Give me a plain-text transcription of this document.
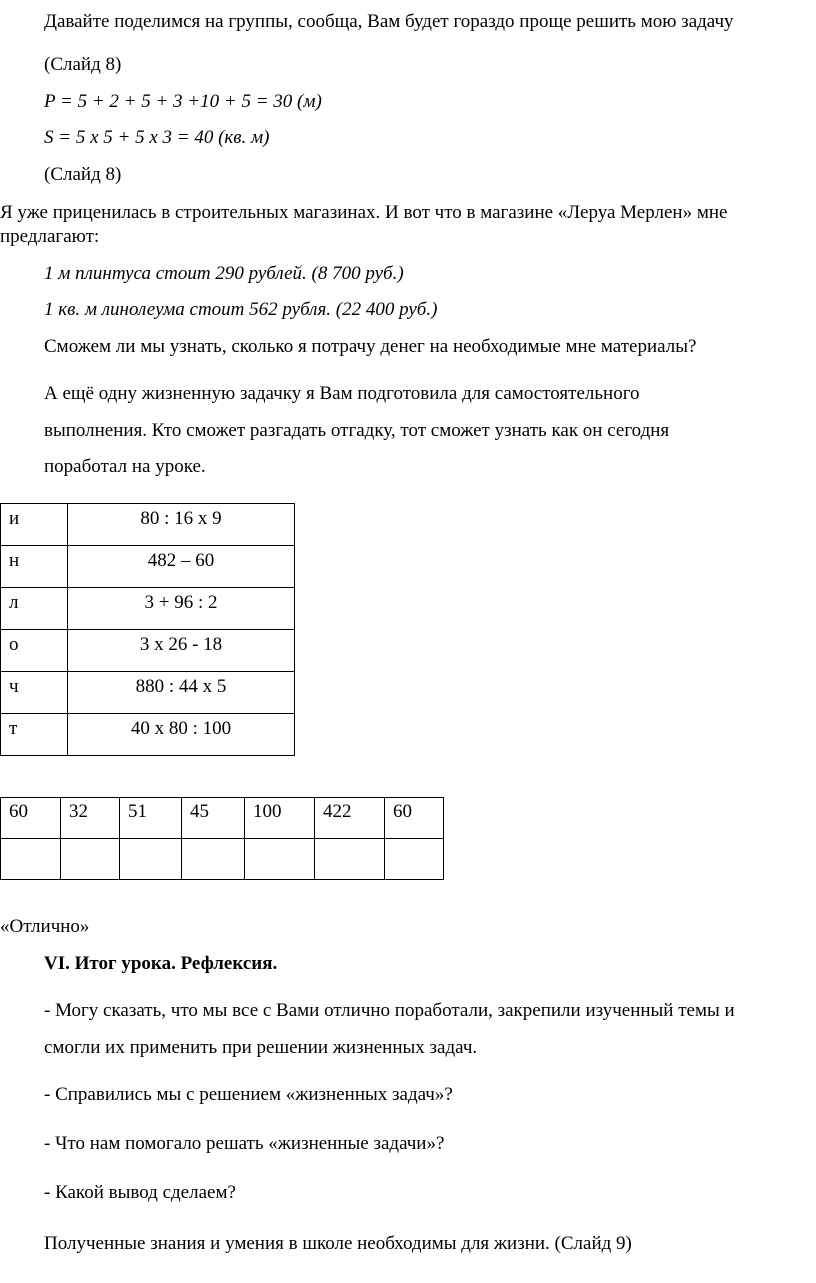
Давайте поделимся на группы, сообща, Вам будет гораздо проще решить мою задачу
(Слайд 8)
P = 5 + 2 + 5 + 3 +10 + 5 = 30 (м)
S = 5 х 5 + 5 х 3 = 40 (кв. м)
(Слайд 8)
Я уже приценилась в строительных магазинах. И вот что в магазине «Леруа Мерлен» мне
предлагают:
1 м плинтуса стоит 290 рублей. (8 700 руб.)
1 кв. м линолеума стоит 562 рубля. (22 400 руб.)
Сможем ли мы узнать, сколько я потрачу денег на необходимые мне материалы?
А ещё одну жизненную задачку я Вам подготовила для самостоятельного
выполнения. Кто сможет разгадать отгадку, тот сможет узнать как он сегодня
поработал на уроке.
и	80 : 16 х 9
н	482 – 60
л	3 + 96 : 2
о	3 х 26 - 18
ч	880 : 44 х 5
т	40 х 80 : 100
60	32	51	45	100	422	60

«Отлично»
VI. Итог урока. Рефлексия.
- Могу сказать, что мы все с Вами отлично поработали, закрепили изученный темы и
смогли их применить при решении жизненных задач.
- Справились мы с решением «жизненных задач»?
- Что нам помогало решать «жизненные задачи»?
- Какой вывод сделаем?
Полученные знания и умения в школе необходимы для жизни. (Слайд 9)
